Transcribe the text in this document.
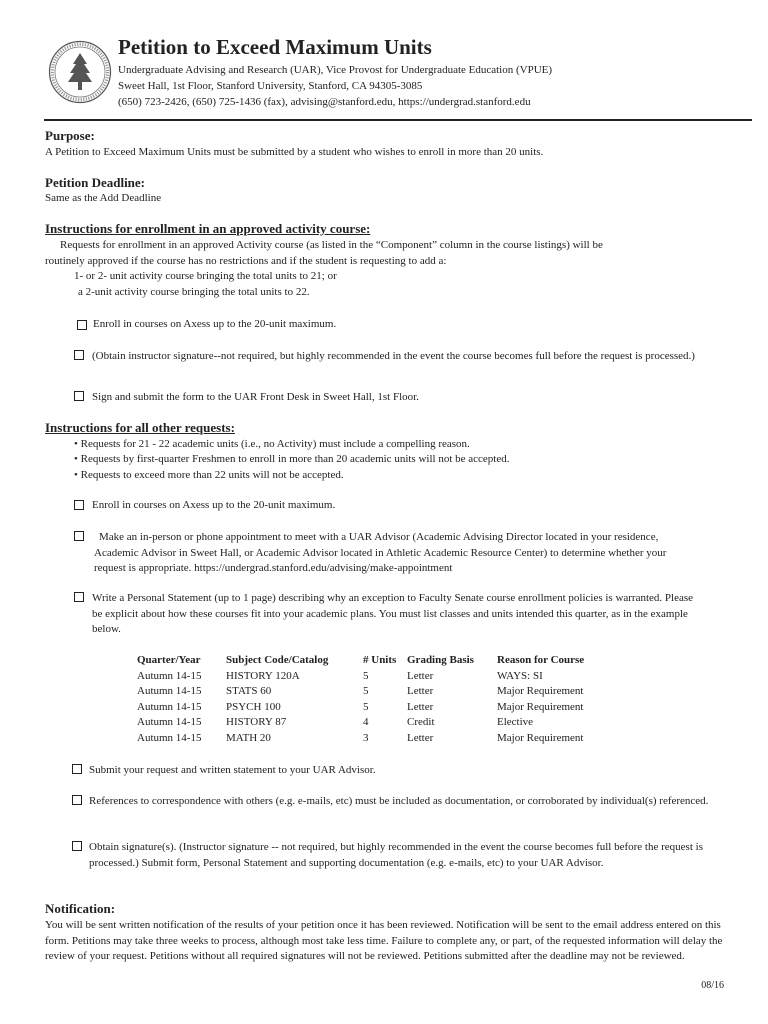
Petition to Exceed Maximum Units
Undergraduate Advising and Research (UAR), Vice Provost for Undergraduate Education (VPUE)
Sweet Hall, 1st Floor, Stanford University, Stanford, CA 94305-3085
(650) 723-2426, (650) 725-1436 (fax), advising@stanford.edu, https://undergrad.stanford.edu
Purpose:
A Petition to Exceed Maximum Units must be submitted by a student who wishes to enroll in more than 20 units.
Petition Deadline:
Same as the Add Deadline
Instructions for enrollment in an approved activity course:
Requests for enrollment in an approved Activity course (as listed in the “Component” column in the course listings) will be
routinely approved if the course has no restrictions and if the student is requesting to add a:
1- or 2- unit activity course bringing the total units to 21; or
a 2-unit activity course bringing the total units to 22.
Enroll in courses on Axess up to the 20-unit maximum.
(Obtain instructor signature--not required, but highly recommended in the event the course becomes full before the request is processed.)
Sign and submit the form to the UAR Front Desk in Sweet Hall, 1st Floor.
Instructions for all other requests:
• Requests for 21 - 22 academic units (i.e., no Activity) must include a compelling reason.
• Requests by first-quarter Freshmen to enroll in more than 20 academic units will not be accepted.
• Requests to exceed more than 22 units will not be accepted.
Enroll in courses on Axess up to the 20-unit maximum.
Make an in-person or phone appointment to meet with a UAR Advisor (Academic Advising Director located in your residence, Academic Advisor in Sweet Hall, or Academic Advisor located in Athletic Academic Resource Center) to determine whether your request is appropriate. https://undergrad.stanford.edu/advising/make-appointment
Write a Personal Statement (up to 1 page) describing why an exception to Faculty Senate course enrollment policies is warranted. Please be explicit about how these courses fit into your academic plans. You must list classes and units intended this quarter, as in the example below.
Quarter/Year	Subject Code/Catalog	# Units	Grading Basis	Reason for Course
Autumn 14-15	HISTORY 120A	5	Letter	WAYS: SI
Autumn 14-15	STATS 60	5	Letter	Major Requirement
Autumn 14-15	PSYCH 100	5	Letter	Major Requirement
Autumn 14-15	HISTORY 87	4	Credit	Elective
Autumn 14-15	MATH 20	3	Letter	Major Requirement
Submit your request and written statement to your UAR Advisor.
References to correspondence with others (e.g. e-mails, etc) must be included as documentation, or corroborated by individual(s) referenced.
Obtain signature(s). (Instructor signature -- not required, but highly recommended in the event the course becomes full before the request is processed.) Submit form, Personal Statement and supporting documentation (e.g. e-mails, etc) to your UAR Advisor.
Notification:
You will be sent written notification of the results of your petition once it has been reviewed. Notification will be sent to the email address entered on this form. Petitions may take three weeks to process, although most take less time. Failure to complete any, or part, of the requested information will delay the review of your request. Petitions without all required signatures will not be reviewed. Petitions submitted after the deadline may not be reviewed.
08/16
